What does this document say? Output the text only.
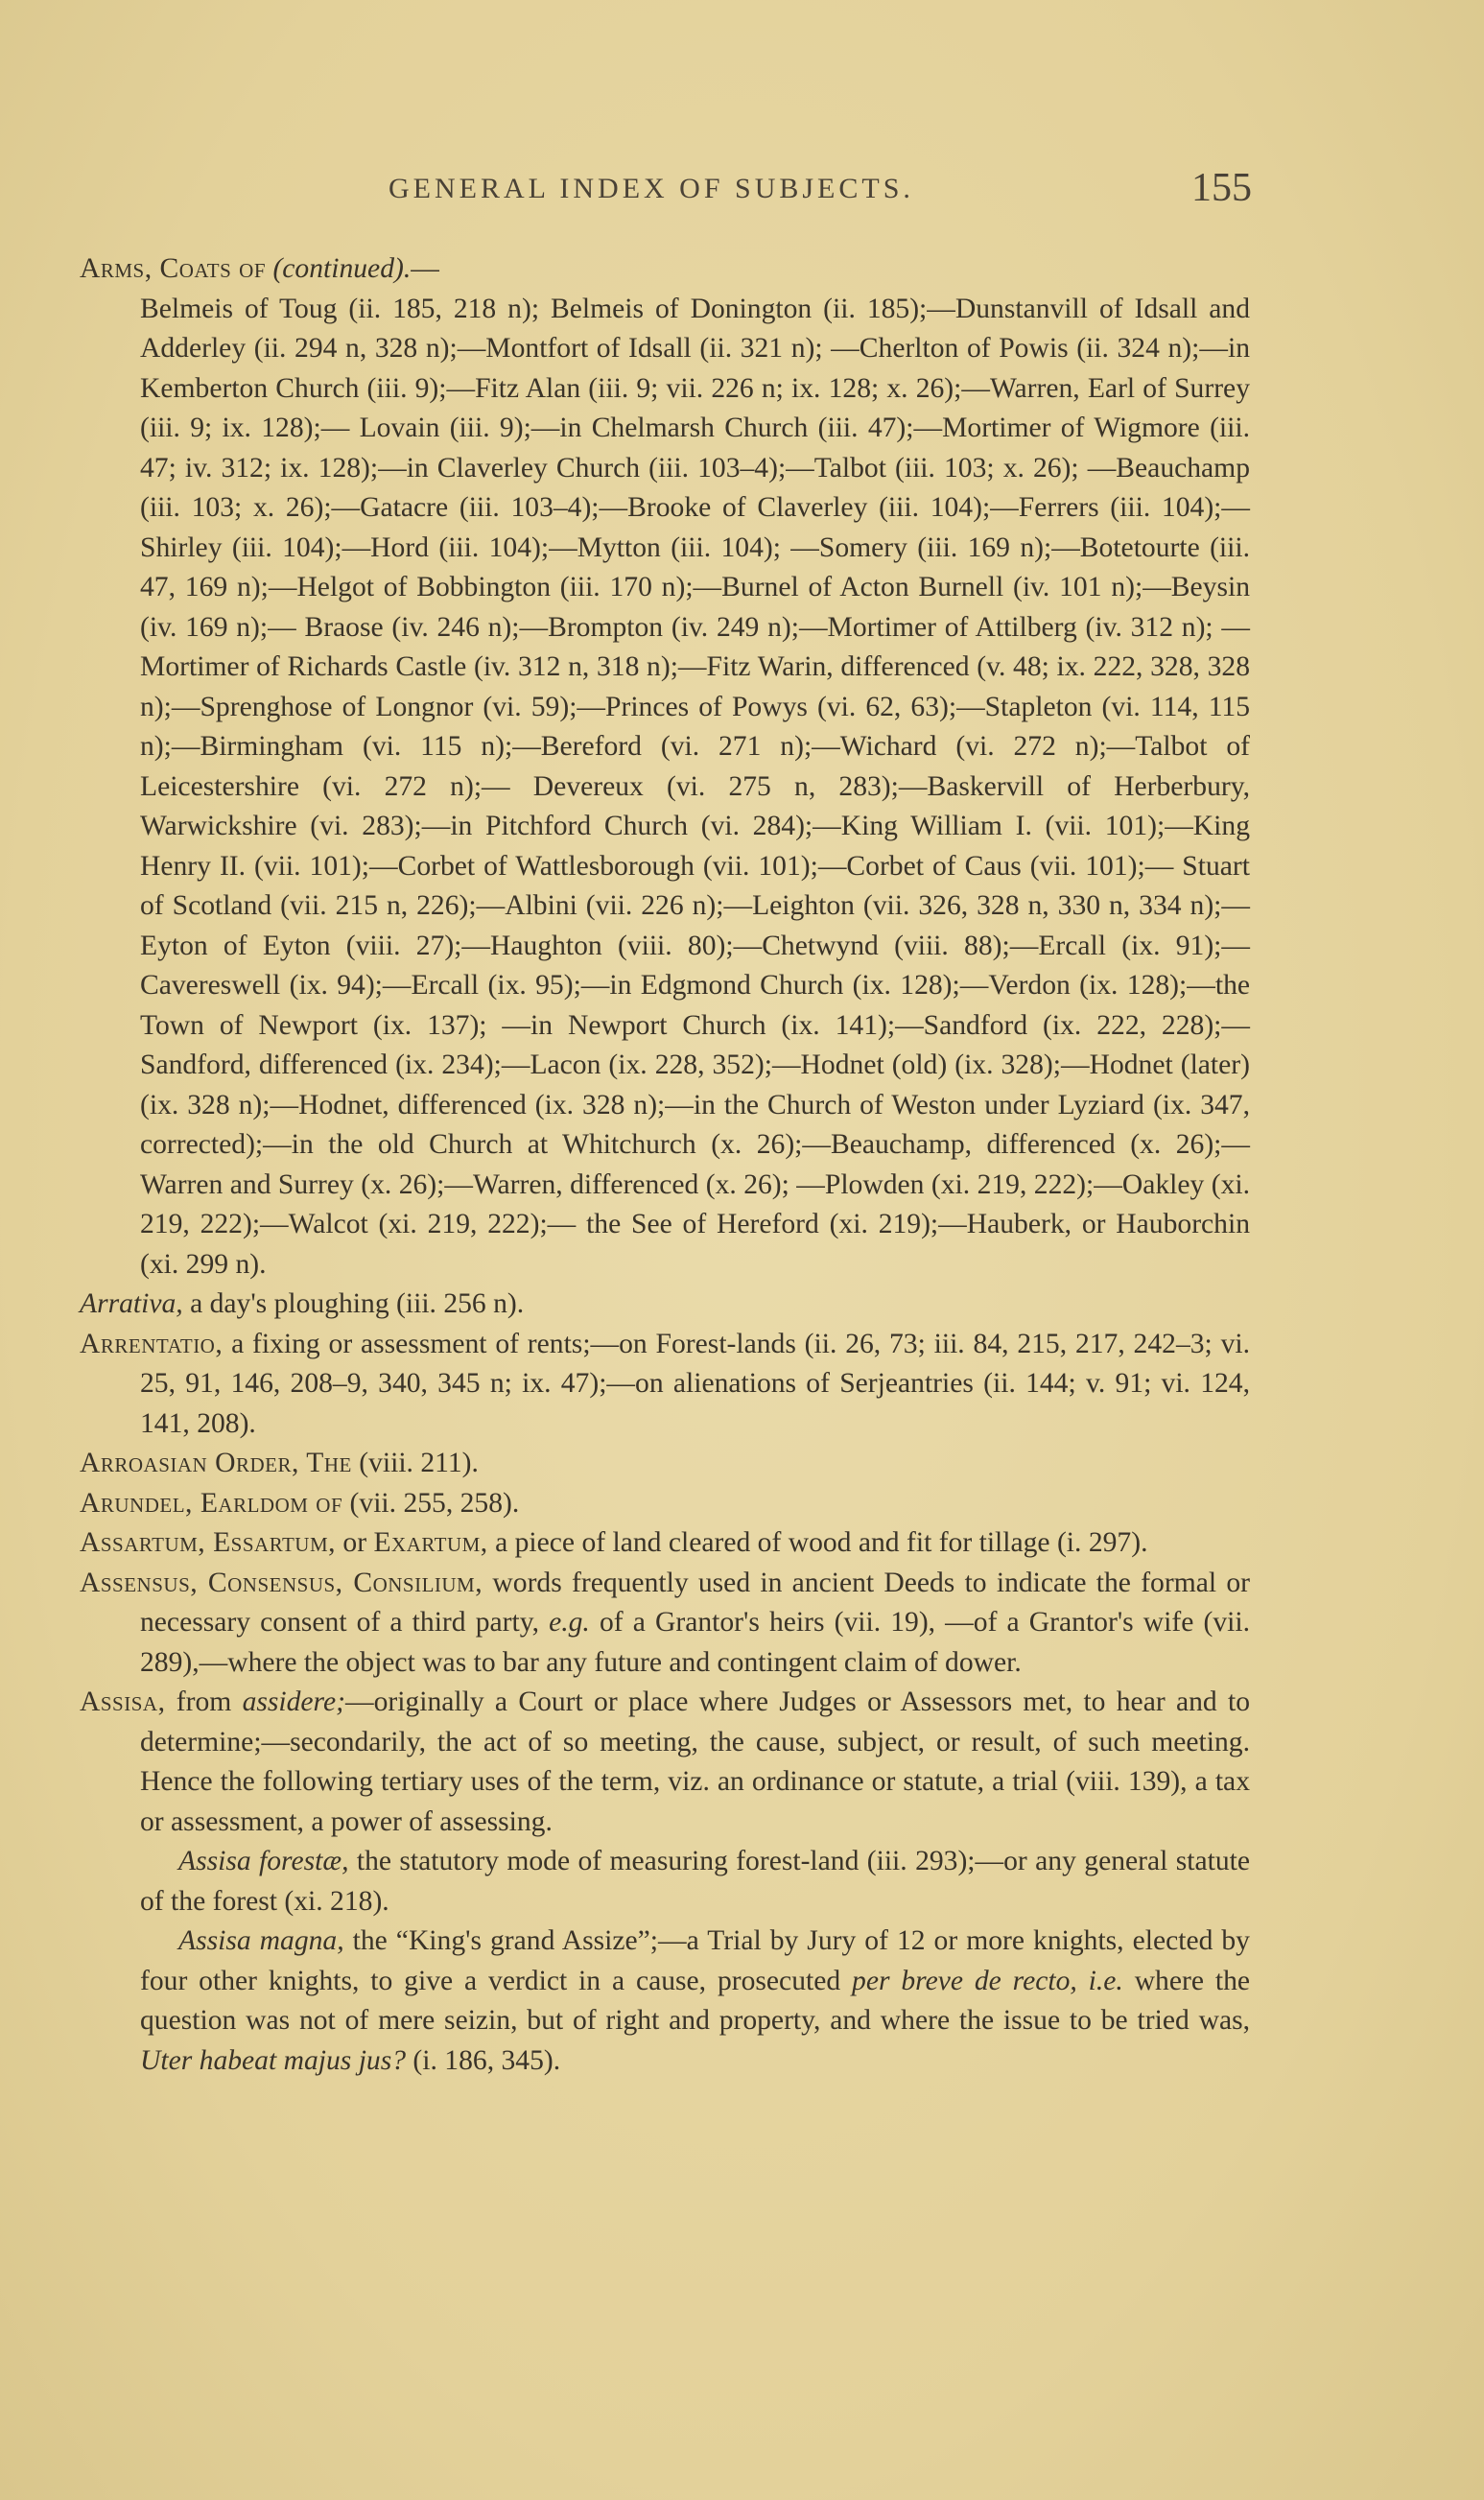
GENERAL INDEX OF SUBJECTS.	155

Arms, Coats of (continued).—
Belmeis of Toug (ii. 185, 218 n); Belmeis of Donington (ii. 185);—Dunstanvill of Idsall and Adderley (ii. 294 n, 328 n);—Montfort of Idsall (ii. 321 n); —Cherlton of Powis (ii. 324 n);—in Kemberton Church (iii. 9);—Fitz Alan (iii. 9; vii. 226 n; ix. 128; x. 26);—Warren, Earl of Surrey (iii. 9; ix. 128);— Lovain (iii. 9);—in Chelmarsh Church (iii. 47);—Mortimer of Wigmore (iii. 47; iv. 312; ix. 128);—in Claverley Church (iii. 103–4);—Talbot (iii. 103; x. 26); —Beauchamp (iii. 103; x. 26);—Gatacre (iii. 103–4);—Brooke of Claverley (iii. 104);—Ferrers (iii. 104);—Shirley (iii. 104);—Hord (iii. 104);—Mytton (iii. 104); —Somery (iii. 169 n);—Botetourte (iii. 47, 169 n);—Helgot of Bobbington (iii. 170 n);—Burnel of Acton Burnell (iv. 101 n);—Beysin (iv. 169 n);— Braose (iv. 246 n);—Brompton (iv. 249 n);—Mortimer of Attilberg (iv. 312 n); —Mortimer of Richards Castle (iv. 312 n, 318 n);—Fitz Warin, differenced (v. 48; ix. 222, 328, 328 n);—Sprenghose of Longnor (vi. 59);—Princes of Powys (vi. 62, 63);—Stapleton (vi. 114, 115 n);—Birmingham (vi. 115 n);—Bereford (vi. 271 n);—Wichard (vi. 272 n);—Talbot of Leicestershire (vi. 272 n);— Devereux (vi. 275 n, 283);—Baskervill of Herberbury, Warwickshire (vi. 283);—in Pitchford Church (vi. 284);—King William I. (vii. 101);—King Henry II. (vii. 101);—Corbet of Wattlesborough (vii. 101);—Corbet of Caus (vii. 101);— Stuart of Scotland (vii. 215 n, 226);—Albini (vii. 226 n);—Leighton (vii. 326, 328 n, 330 n, 334 n);—Eyton of Eyton (viii. 27);—Haughton (viii. 80);—Chetwynd (viii. 88);—Ercall (ix. 91);—Cavereswell (ix. 94);—Ercall (ix. 95);—in Edgmond Church (ix. 128);—Verdon (ix. 128);—the Town of Newport (ix. 137); —in Newport Church (ix. 141);—Sandford (ix. 222, 228);—Sandford, differenced (ix. 234);—Lacon (ix. 228, 352);—Hodnet (old) (ix. 328);—Hodnet (later) (ix. 328 n);—Hodnet, differenced (ix. 328 n);—in the Church of Weston under Lyziard (ix. 347, corrected);—in the old Church at Whitchurch (x. 26);—Beauchamp, differenced (x. 26);—Warren and Surrey (x. 26);—Warren, differenced (x. 26); —Plowden (xi. 219, 222);—Oakley (xi. 219, 222);—Walcot (xi. 219, 222);— the See of Hereford (xi. 219);—Hauberk, or Hauborchin (xi. 299 n).

Arrativa, a day's ploughing (iii. 256 n).

Arrentatio, a fixing or assessment of rents;—on Forest-lands (ii. 26, 73; iii. 84, 215, 217, 242–3; vi. 25, 91, 146, 208–9, 340, 345 n; ix. 47);—on alienations of Serjeantries (ii. 144; v. 91; vi. 124, 141, 208).

Arroasian Order, The (viii. 211).

Arundel, Earldom of (vii. 255, 258).

Assartum, Essartum, or Exartum, a piece of land cleared of wood and fit for tillage (i. 297).

Assensus, Consensus, Consilium, words frequently used in ancient Deeds to indicate the formal or necessary consent of a third party, e.g. of a Grantor's heirs (vii. 19), —of a Grantor's wife (vii. 289),—where the object was to bar any future and contingent claim of dower.

Assisa, from assidere;—originally a Court or place where Judges or Assessors met, to hear and to determine;—secondarily, the act of so meeting, the cause, subject, or result, of such meeting. Hence the following tertiary uses of the term, viz. an ordinance or statute, a trial (viii. 139), a tax or assessment, a power of assessing.

Assisa forestæ, the statutory mode of measuring forest-land (iii. 293);—or any general statute of the forest (xi. 218).

Assisa magna, the “King's grand Assize”;—a Trial by Jury of 12 or more knights, elected by four other knights, to give a verdict in a cause, prosecuted per breve de recto, i.e. where the question was not of mere seizin, but of right and property, and where the issue to be tried was, Uter habeat majus jus? (i. 186, 345).
